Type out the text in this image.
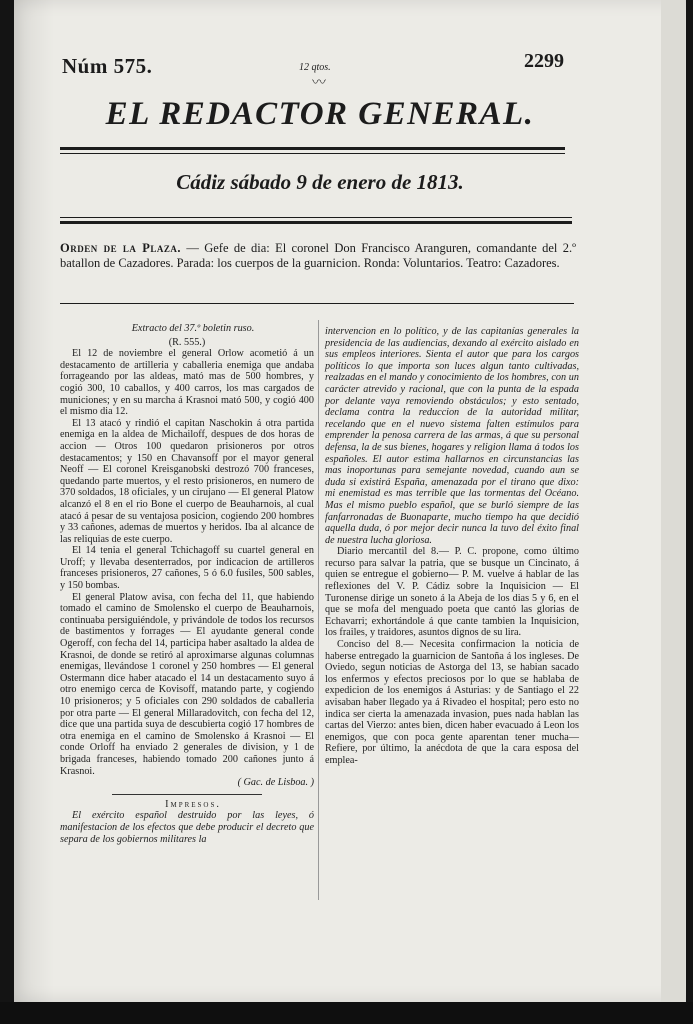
Núm 575.	12 qtos.
〰
2299
EL REDACTOR GENERAL.
Cádiz sábado 9 de enero de 1813.
Orden de la Plaza. — Gefe de dia: El coronel Don Francisco Aranguren, comandante del 2.º batallon de Cazadores. Parada: los cuerpos de la guarnicion. Ronda: Voluntarios. Teatro: Cazadores.

Extracto del 37.º boletin ruso.

(R. 555.)

El 12 de noviembre el general Orlow acometió á un destacamento de artilleria y caballeria enemiga que andaba forrageando por las aldeas, mató mas de 500 hombres, y cogió 300, 10 caballos, y 400 carros, los mas cargados de municiones; y en su marcha á Krasnoi mató 500, y cogió 400 el mismo dia 12.

El 13 atacó y rindió el capitan Naschokin á otra partida enemiga en la aldea de Michailoff, despues de dos horas de accion — Otros 100 quedaron prisioneros por otros destacamentos; y 150 en Chavansoff por el mayor general Neoff — El coronel Kreisganobski destrozó 700 franceses, quedando parte muertos, y el resto prisioneros, en numero de 370 soldados, 18 oficiales, y un cirujano — El general Platow alcanzó el 8 en el rio Bone el cuerpo de Beauharnois, al cual atacó á pesar de su ventajosa posicion, cogiendo 200 hombres y 33 cañones, ademas de muertos y heridos. Iba al alcance de las reliquias de este cuerpo.

El 14 tenia el general Tchichagoff su cuartel general en Uroff; y llevaba desenterrados, por indicacion de artilleros franceses prisioneros, 27 cañones, 5 ó 6.0 fusiles, 500 sables, y 150 bombas.

El general Platow avisa, con fecha del 11, que habiendo tomado el camino de Smolensko el cuerpo de Beauharnois, continuaba persiguiéndole, y privándole de todos los recursos de bastimentos y forrages — El ayudante general conde Ogeroff, con fecha del 14, participa haber asaltado la aldea de Krasnoi, de donde se retiró al aproximarse algunas columnas enemigas, llevándose 1 coronel y 250 hombres — El general Ostermann dice haber atacado el 14 un destacamento suyo á otro enemigo cerca de Kovisoff, matando parte, y cogiendo 10 prisioneros; y 5 oficiales con 290 soldados de caballeria por otra parte — El general Millaradovitch, con fecha del 12, dice que una partida suya de descubierta cogió 17 hombres de otra enemiga en el camino de Smolensko á Krasnoi — El conde Orloff ha enviado 2 generales de division, y 1 de brigada franceses, habiendo tomado 200 cañones junto á Krasnoi.

( Gac. de Lisboa. )

Impresos.

El exército español destruido por las leyes, ó manifestacion de los efectos que debe producir el decreto que separa de los gobiernos militares la

intervencion en lo político, y de las capitanías generales la presidencia de las audiencias, dexando al exército aislado en sus empleos interiores. Sienta el autor que para los cargos políticos lo que importa son luces algun tanto cultivadas, realzadas en el mando y conocimiento de los hombres, con un carácter atrevido y racional, que con la punta de la espada por delante vaya removiendo obstáculos; y esto sentado, declama contra la reduccion de la autoridad militar, recelando que en el nuevo sistema falten estímulos para emprender la penosa carrera de las armas, á que su personal defensa, la de sus bienes, hogares y religion llama á todos los españoles. El autor estima hallarnos en circunstancias las mas inoportunas para semejante novedad, cuando aun se duda si existirá España, amenazada por el tirano que dixo: mi enemistad es mas terrible que las tormentas del Océano. Mas el mismo pueblo español, que se burló siempre de las fanfarronadas de Buonaparte, mucho tiempo ha que decidió aquella duda, ó por mejor decir nunca la tuvo del éxito final de nuestra lucha gloriosa.

Diario mercantil del 8.— P. C. propone, como último recurso para salvar la patria, que se busque un Cincinato, á quien se entregue el gobierno— P. M. vuelve á hablar de las reflexiones del V. P. Cádiz sobre la Inquisicion — El Turonense dirige un soneto á la Abeja de los dias 5 y 6, en el que se mofa del menguado poeta que cantó las glorias de Echavarri; exhortándole á que cante tambien la Inquisicion, los frailes, y traidores, asuntos dignos de su lira.

Conciso del 8.— Necesita confirmacion la noticia de haberse entregado la guarnicion de Santoña á los ingleses. De Oviedo, segun noticias de Astorga del 13, se habian sacado los enfermos y efectos preciosos por lo que se hablaba de expedicion de los enemigos á Asturias: y de Santiago el 22 avisaban haber llegado ya á Rivadeo el hospital; pero esto no indica ser cierta la amenazada invasion, pues nada hablan las cartas del Vierzo: antes bien, dicen haber evacuado á Leon los enemigos, que con poca gente aparentan tener mucha— Refiere, por último, la anécdota de que la cara esposa del emplea-
